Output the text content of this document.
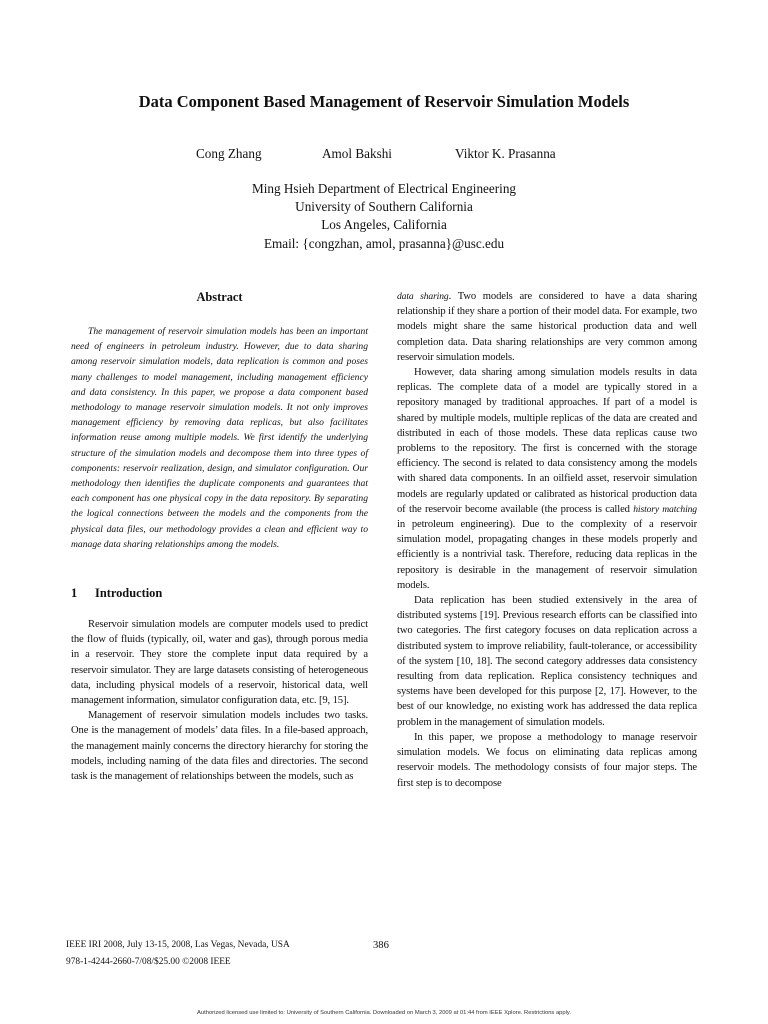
Data Component Based Management of Reservoir Simulation Models
Cong Zhang	Amol Bakshi	Viktor K. Prasanna
Ming Hsieh Department of Electrical Engineering
University of Southern California
Los Angeles, California
Email: {congzhan, amol, prasanna}@usc.edu
Abstract

The management of reservoir simulation models has been an important need of engineers in petroleum industry. However, due to data sharing among reservoir simulation models, data replication is common and poses many challenges to model management, including management efficiency and data consistency. In this paper, we propose a data component based methodology to manage reservoir simulation models. It not only improves management efficiency by removing data replicas, but also facilitates information reuse among multiple models. We first identify the underlying structure of the simulation models and decompose them into three types of components: reservoir realization, design, and simulator configuration. Our methodology then identifies the duplicate components and guarantees that each component has one physical copy in the data repository. By separating the logical connections between the models and the components from the physical data files, our methodology provides a clean and efficient way to manage data sharing relationships among the models.

1 Introduction

Reservoir simulation models are computer models used to predict the flow of fluids (typically, oil, water and gas), through porous media in a reservoir. They store the complete input data required by a reservoir simulator. They are large datasets consisting of heterogeneous data, including physical models of a reservoir, historical data, well management information, simulator configuration data, etc. [9, 15].

Management of reservoir simulation models includes two tasks. One is the management of models’ data files. In a file-based approach, the management mainly concerns the directory hierarchy for storing the models, including naming of the data files and directories. The second task is the management of relationships between the models, such as

data sharing. Two models are considered to have a data sharing relationship if they share a portion of their model data. For example, two models might share the same historical production data and well completion data. Data sharing relationships are very common among reservoir simulation models.

However, data sharing among simulation models results in data replicas. The complete data of a model are typically stored in a repository managed by traditional approaches. If part of a model is shared by multiple models, multiple replicas of the data are created and distributed in each of those models. These data replicas cause two problems to the repository. The first is concerned with the storage efficiency. The second is related to data consistency among the models with shared data components. In an oilfield asset, reservoir simulation models are regularly updated or calibrated as historical production data of the reservoir become available (the process is called history matching in petroleum engineering). Due to the complexity of a reservoir simulation model, propagating changes in these models properly and efficiently is a nontrivial task. Therefore, reducing data replicas in the repository is desirable in the management of reservoir simulation models.

Data replication has been studied extensively in the area of distributed systems [19]. Previous research efforts can be classified into two categories. The first category focuses on data replication across a distributed system to improve reliability, fault-tolerance, or accessibility of the system [10, 18]. The second category addresses data consistency resulting from data replication. Replica consistency techniques and systems have been developed for this purpose [2, 17]. However, to the best of our knowledge, no existing work has addressed the data replica problem in the management of simulation models.

In this paper, we propose a methodology to manage reservoir simulation models. We focus on eliminating data replicas among reservoir models. The methodology consists of four major steps. The first step is to decompose

IEEE IRI 2008, July 13-15, 2008, Las Vegas, Nevada, USA
978-1-4244-2660-7/08/$25.00 ©2008 IEEE
386
Authorized licensed use limited to: University of Southern California. Downloaded on March 3, 2009 at 01:44 from IEEE Xplore. Restrictions apply.
